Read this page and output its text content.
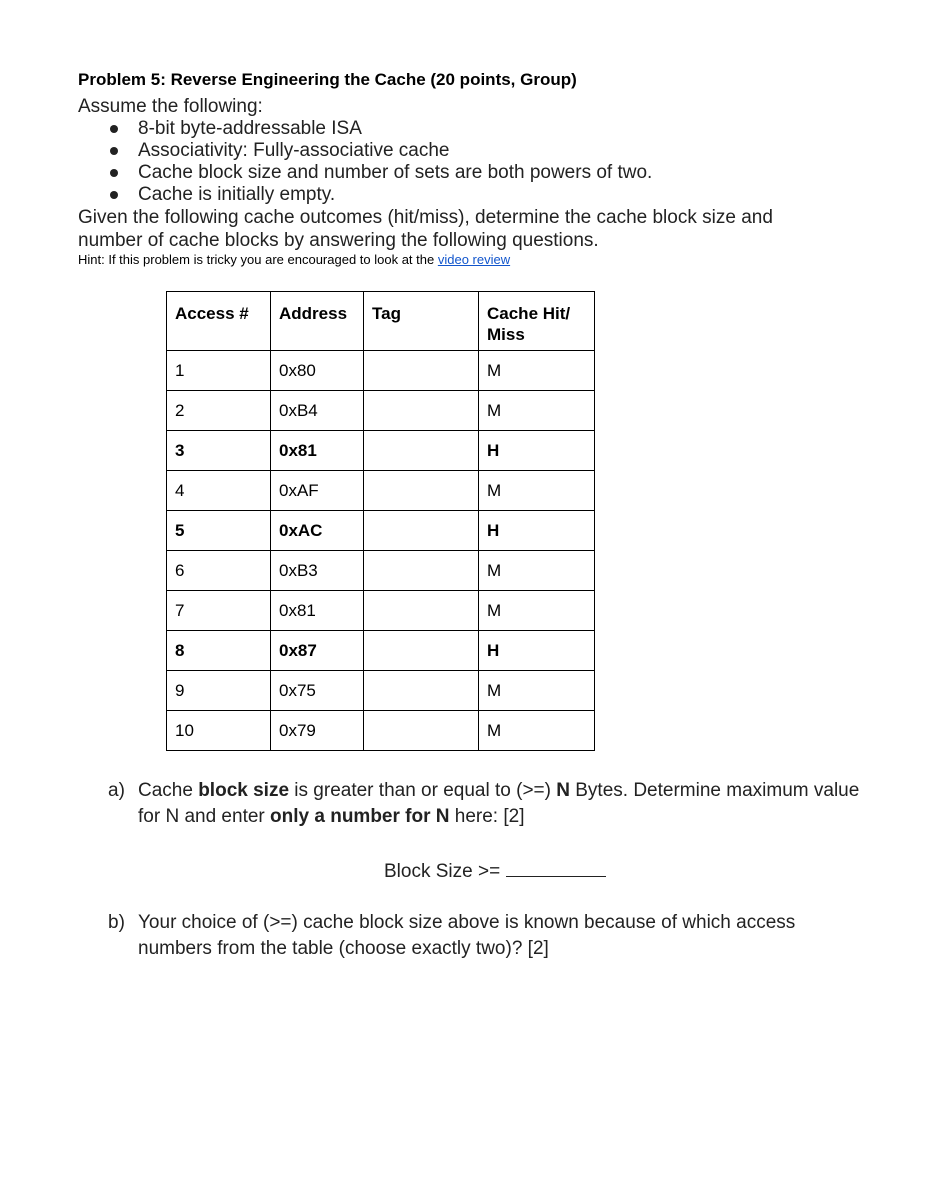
Problem 5: Reverse Engineering the Cache (20 points, Group)
Assume the following:
8-bit byte-addressable ISA
Associativity: Fully-associative cache
Cache block size and number of sets are both powers of two.
Cache is initially empty.
Given the following cache outcomes (hit/miss), determine the cache block size and number of cache blocks by answering the following questions.
Hint: If this problem is tricky you are encouraged to look at the video review
Access #	Address	Tag	Cache Hit/ Miss
1	0x80		M
2	0xB4		M
3	0x81		H
4	0xAF		M
5	0xAC		H
6	0xB3		M
7	0x81		M
8	0x87		H
9	0x75		M
10	0x79		M
a) Cache block size is greater than or equal to (>=) N Bytes. Determine maximum value for N and enter only a number for N here: [2]
Block Size >=
b) Your choice of (>=) cache block size above is known because of which access numbers from the table (choose exactly two)? [2]
